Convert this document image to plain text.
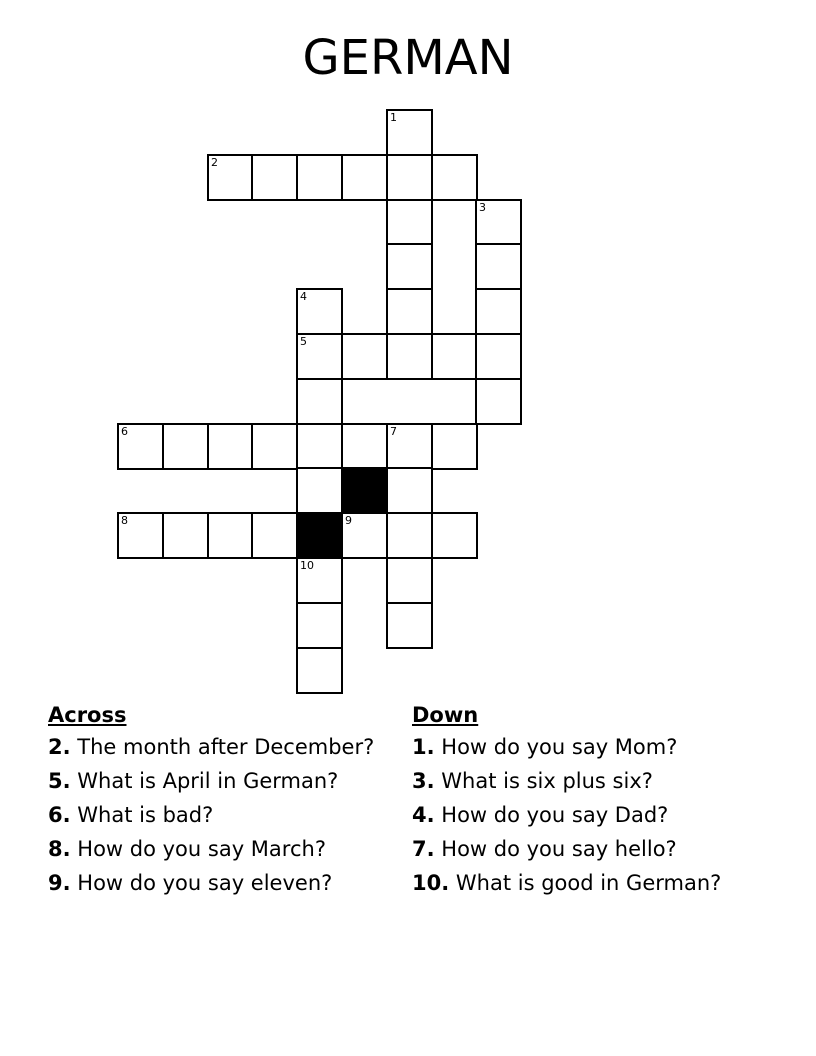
GERMAN
1
2
3
4
5
6	7
8	9
10
Across
2. The month after December?
5. What is April in German?
6. What is bad?
8. How do you say March?
9. How do you say eleven?
Down
1. How do you say Mom?
3. What is six plus six?
4. How do you say Dad?
7. How do you say hello?
10. What is good in German?
